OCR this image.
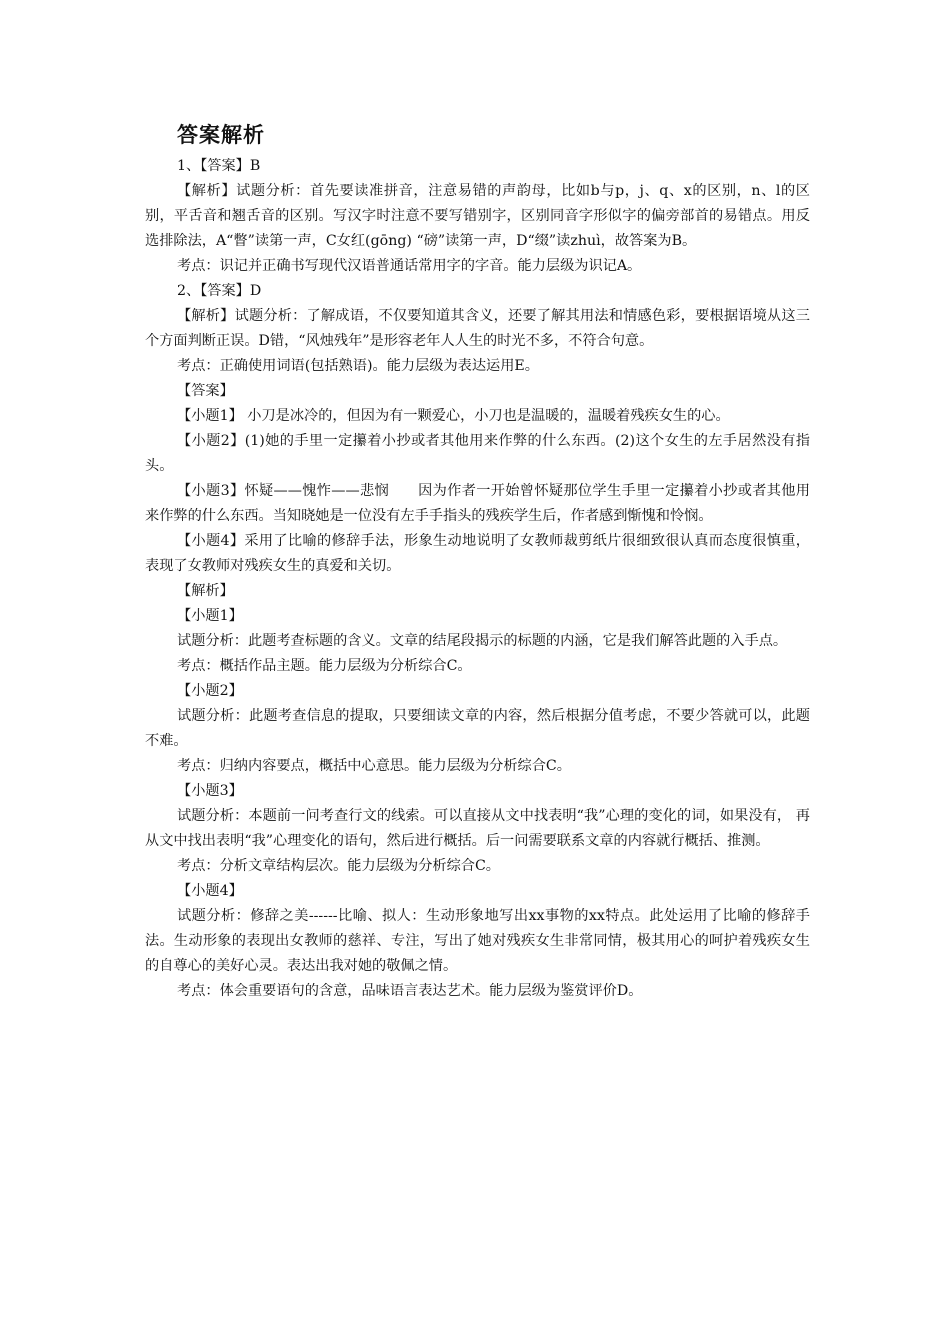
答案解析

1、【答案】B

【解析】试题分析：首先要读准拼音，注意易错的声韵母，比如b与p，j、q、x的区别，n、l的区别，平舌音和翘舌音的区别。写汉字时注意不要写错别字，区别同音字形似字的偏旁部首的易错点。用反选排除法，A“瞥”读第一声，C女红(gōng) “磅”读第一声，D“缀”读zhuì，故答案为B。

考点：识记并正确书写现代汉语普通话常用字的字音。能力层级为识记A。

2、【答案】D

【解析】试题分析：了解成语，不仅要知道其含义，还要了解其用法和情感色彩，要根据语境从这三个方面判断正误。D错，“风烛残年”是形容老年人人生的时光不多，不符合句意。

考点：正确使用词语(包括熟语)。能力层级为表达运用E。

【答案】

【小题1】 小刀是冰冷的，但因为有一颗爱心，小刀也是温暖的，温暖着残疾女生的心。

【小题2】(1)她的手里一定攥着小抄或者其他用来作弊的什么东西。(2)这个女生的左手居然没有指头。

【小题3】怀疑——愧怍——悲悯　　因为作者一开始曾怀疑那位学生手里一定攥着小抄或者其他用来作弊的什么东西。当知晓她是一位没有左手手指头的残疾学生后，作者感到惭愧和怜悯。

【小题4】采用了比喻的修辞手法，形象生动地说明了女教师裁剪纸片很细致很认真而态度很慎重，表现了女教师对残疾女生的真爱和关切。

【解析】

【小题1】

试题分析：此题考查标题的含义。文章的结尾段揭示的标题的内涵，它是我们解答此题的入手点。

考点：概括作品主题。能力层级为分析综合C。

【小题2】

试题分析：此题考查信息的提取，只要细读文章的内容，然后根据分值考虑，不要少答就可以，此题不难。

考点：归纳内容要点，概括中心意思。能力层级为分析综合C。

【小题3】

试题分析：本题前一问考查行文的线索。可以直接从文中找表明“我”心理的变化的词，如果没有， 再从文中找出表明“我”心理变化的语句，然后进行概括。后一问需要联系文章的内容就行概括、推测。

考点：分析文章结构层次。能力层级为分析综合C。

【小题4】

试题分析：修辞之美------比喻、拟人：生动形象地写出xx事物的xx特点。此处运用了比喻的修辞手法。生动形象的表现出女教师的慈祥、专注，写出了她对残疾女生非常同情，极其用心的呵护着残疾女生的自尊心的美好心灵。表达出我对她的敬佩之情。

考点：体会重要语句的含意，品味语言表达艺术。能力层级为鉴赏评价D。
